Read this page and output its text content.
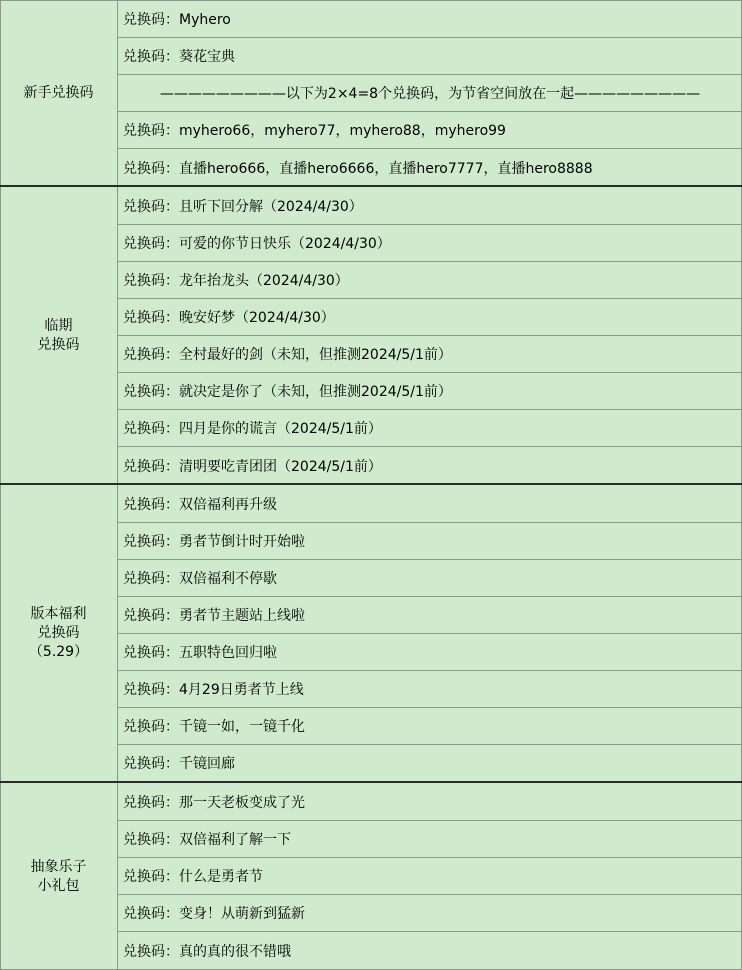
新手兑换码
兑换码：Myhero
兑换码：葵花宝典
—————————以下为2×4=8个兑换码，为节省空间放在一起—————————
兑换码：myhero66，myhero77，myhero88，myhero99
兑换码：直播hero666，直播hero6666，直播hero7777，直播hero8888
临期
兑换码
兑换码：且听下回分解（2024/4/30）
兑换码：可爱的你节日快乐（2024/4/30）
兑换码：龙年抬龙头（2024/4/30）
兑换码：晚安好梦（2024/4/30）
兑换码：全村最好的剑（未知，但推测2024/5/1前）
兑换码：就决定是你了（未知，但推测2024/5/1前）
兑换码：四月是你的谎言（2024/5/1前）
兑换码：清明要吃青团团（2024/5/1前）
版本福利
兑换码
（5.29）
兑换码：双倍福利再升级
兑换码：勇者节倒计时开始啦
兑换码：双倍福利不停歇
兑换码：勇者节主题站上线啦
兑换码：五职特色回归啦
兑换码：4月29日勇者节上线
兑换码：千镜一如，一镜千化
兑换码：千镜回廊
抽象乐子
小礼包
兑换码：那一天老板变成了光
兑换码：双倍福利了解一下
兑换码：什么是勇者节
兑换码：变身！从萌新到猛新
兑换码：真的真的很不错哦
